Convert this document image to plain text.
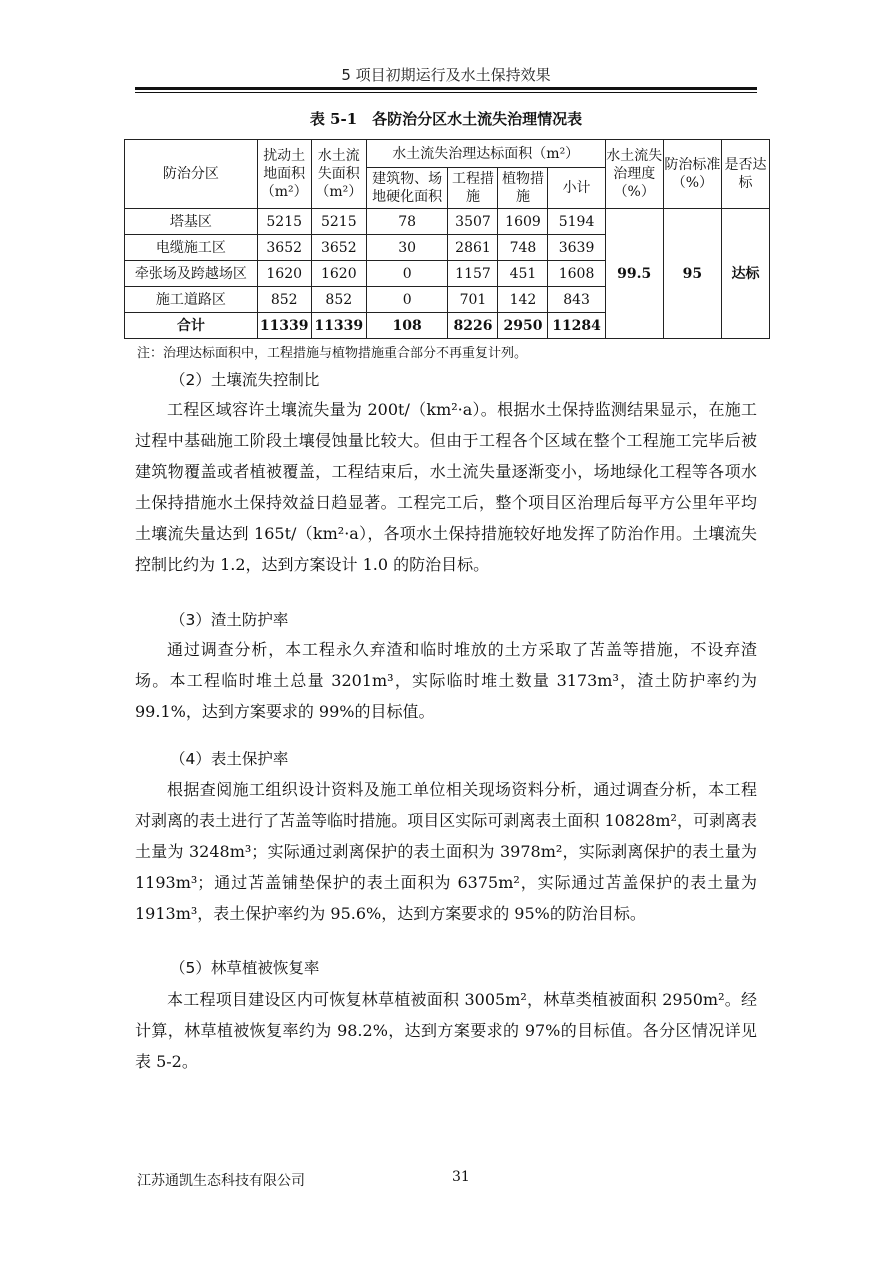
5 项目初期运行及水土保持效果
表 5-1　各防治分区水土流失治理情况表
防治分区	扰动土地面积（m²）	水土流失面积（m²）	水土流失治理达标面积（m²）				水土流失治理度（%）	防治标准（%）	是否达标
			建筑物、场地硬化面积	工程措施	植物措施	小计			
塔基区	5215	5215	78	3507	1609	5194	99.5	95	达标
电缆施工区	3652	3652	30	2861	748	3639			
牵张场及跨越场区	1620	1620	0	1157	451	1608			
施工道路区	852	852	0	701	142	843			
合计	11339	11339	108	8226	2950	11284			
注：治理达标面积中，工程措施与植物措施重合部分不再重复计列。
（2）土壤流失控制比
工程区域容许土壤流失量为 200t/（km²·a）。根据水土保持监测结果显示，在施工过程中基础施工阶段土壤侵蚀量比较大。但由于工程各个区域在整个工程施工完毕后被建筑物覆盖或者植被覆盖，工程结束后，水土流失量逐渐变小，场地绿化工程等各项水土保持措施水土保持效益日趋显著。工程完工后，整个项目区治理后每平方公里年平均土壤流失量达到 165t/（km²·a），各项水土保持措施较好地发挥了防治作用。土壤流失控制比约为 1.2，达到方案设计 1.0 的防治目标。
（3）渣土防护率
通过调查分析，本工程永久弃渣和临时堆放的土方采取了苫盖等措施，不设弃渣场。本工程临时堆土总量 3201m³，实际临时堆土数量 3173m³，渣土防护率约为 99.1%，达到方案要求的 99%的目标值。
（4）表土保护率
根据查阅施工组织设计资料及施工单位相关现场资料分析，通过调查分析，本工程对剥离的表土进行了苫盖等临时措施。项目区实际可剥离表土面积 10828m²，可剥离表土量为 3248m³；实际通过剥离保护的表土面积为 3978m²，实际剥离保护的表土量为 1193m³；通过苫盖铺垫保护的表土面积为 6375m²，实际通过苫盖保护的表土量为 1913m³，表土保护率约为 95.6%，达到方案要求的 95%的防治目标。
（5）林草植被恢复率
本工程项目建设区内可恢复林草植被面积 3005m²，林草类植被面积 2950m²。经计算，林草植被恢复率约为 98.2%，达到方案要求的 97%的目标值。各分区情况详见表 5-2。
江苏通凯生态科技有限公司	31
